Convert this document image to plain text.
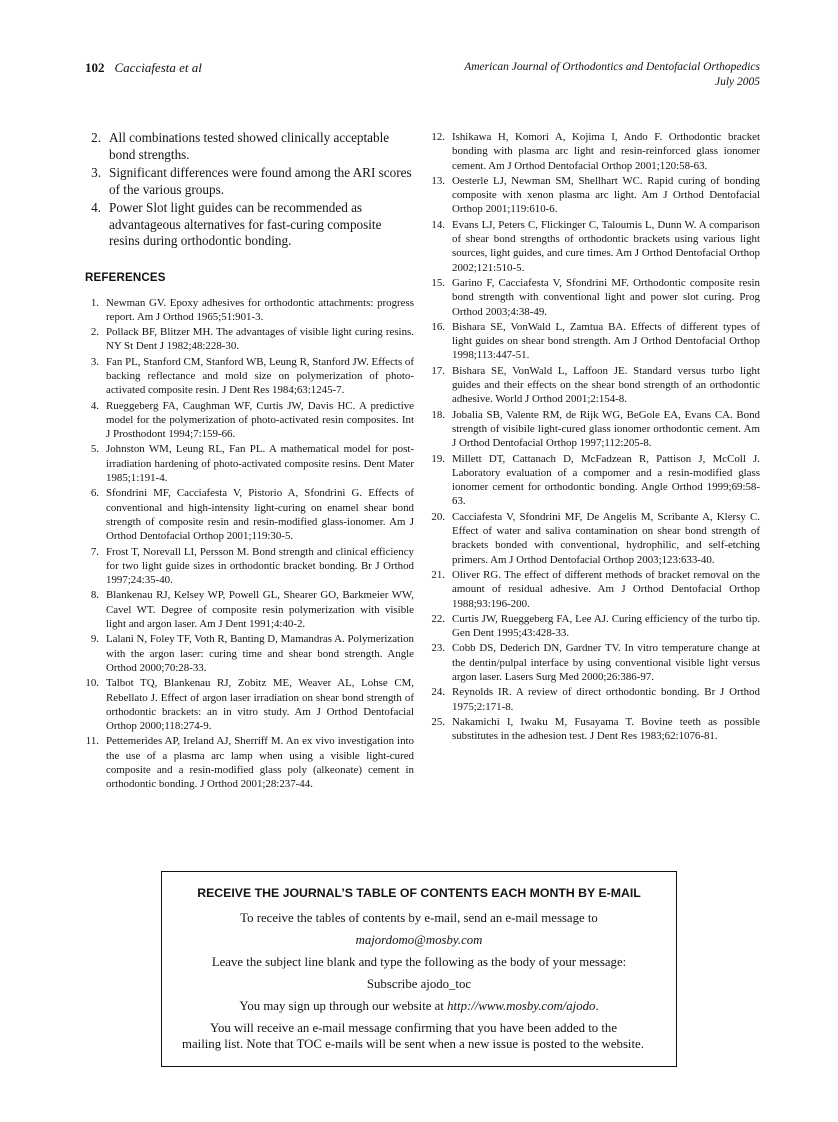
102 Cacciafesta et al	American Journal of Orthodontics and Dentofacial Orthopedics
July 2005
2. All combinations tested showed clinically acceptable bond strengths.
3. Significant differences were found among the ARI scores of the various groups.
4. Power Slot light guides can be recommended as advantageous alternatives for fast-curing composite resins during orthodontic bonding.
REFERENCES
1. Newman GV. Epoxy adhesives for orthodontic attachments: progress report. Am J Orthod 1965;51:901-3.
2. Pollack BF, Blitzer MH. The advantages of visible light curing resins. NY St Dent J 1982;48:228-30.
3. Fan PL, Stanford CM, Stanford WB, Leung R, Stanford JW. Effects of backing reflectance and mold size on polymerization of photo-activated composite resin. J Dent Res 1984;63:1245-7.
4. Rueggeberg FA, Caughman WF, Curtis JW, Davis HC. A predictive model for the polymerization of photo-activated resin composites. Int J Prosthodont 1994;7:159-66.
5. Johnston WM, Leung RL, Fan PL. A mathematical model for post-irradiation hardening of photo-activated composite resins. Dent Mater 1985;1:191-4.
6. Sfondrini MF, Cacciafesta V, Pistorio A, Sfondrini G. Effects of conventional and high-intensity light-curing on enamel shear bond strength of composite resin and resin-modified glass-ionomer. Am J Orthod Dentofacial Orthop 2001;119:30-5.
7. Frost T, Norevall LI, Persson M. Bond strength and clinical efficiency for two light guide sizes in orthodontic bracket bonding. Br J Orthod 1997;24:35-40.
8. Blankenau RJ, Kelsey WP, Powell GL, Shearer GO, Barkmeier WW, Cavel WT. Degree of composite resin polymerization with visible light and argon laser. Am J Dent 1991;4:40-2.
9. Lalani N, Foley TF, Voth R, Banting D, Mamandras A. Polymerization with the argon laser: curing time and shear bond strength. Angle Orthod 2000;70:28-33.
10. Talbot TQ, Blankenau RJ, Zobitz ME, Weaver AL, Lohse CM, Rebellato J. Effect of argon laser irradiation on shear bond strength of orthodontic brackets: an in vitro study. Am J Orthod Dentofacial Orthop 2000;118:274-9.
11. Pettemerides AP, Ireland AJ, Sherriff M. An ex vivo investigation into the use of a plasma arc lamp when using a visible light-cured composite and a resin-modified glass poly (alkeonate) cement in orthodontic bonding. J Orthod 2001;28:237-44.
12. Ishikawa H, Komori A, Kojima I, Ando F. Orthodontic bracket bonding with plasma arc light and resin-reinforced glass ionomer cement. Am J Orthod Dentofacial Orthop 2001;120:58-63.
13. Oesterle LJ, Newman SM, Shellhart WC. Rapid curing of bonding composite with xenon plasma arc light. Am J Orthod Dentofacial Orthop 2001;119:610-6.
14. Evans LJ, Peters C, Flickinger C, Taloumis L, Dunn W. A comparison of shear bond strengths of orthodontic brackets using various light sources, light guides, and cure times. Am J Orthod Dentofacial Orthop 2002;121:510-5.
15. Garino F, Cacciafesta V, Sfondrini MF. Orthodontic composite resin bond strength with conventional light and power slot curing. Prog Orthod 2003;4:38-49.
16. Bishara SE, VonWald L, Zamtua BA. Effects of different types of light guides on shear bond strength. Am J Orthod Dentofacial Orthop 1998;113:447-51.
17. Bishara SE, VonWald L, Laffoon JE. Standard versus turbo light guides and their effects on the shear bond strength of an orthodontic adhesive. World J Orthod 2001;2:154-8.
18. Jobalia SB, Valente RM, de Rijk WG, BeGole EA, Evans CA. Bond strength of visibile light-cured glass ionomer orthodontic cement. Am J Orthod Dentofacial Orthop 1997;112:205-8.
19. Millett DT, Cattanach D, McFadzean R, Pattison J, McColl J. Laboratory evaluation of a compomer and a resin-modified glass ionomer cement for orthodontic bonding. Angle Orthod 1999;69:58-63.
20. Cacciafesta V, Sfondrini MF, De Angelis M, Scribante A, Klersy C. Effect of water and saliva contamination on shear bond strength of brackets bonded with conventional, hydrophilic, and self-etching primers. Am J Orthod Dentofacial Orthop 2003;123:633-40.
21. Oliver RG. The effect of different methods of bracket removal on the amount of residual adhesive. Am J Orthod Dentofacial Orthop 1988;93:196-200.
22. Curtis JW, Rueggeberg FA, Lee AJ. Curing efficiency of the turbo tip. Gen Dent 1995;43:428-33.
23. Cobb DS, Dederich DN, Gardner TV. In vitro temperature change at the dentin/pulpal interface by using conventional visible light versus argon laser. Lasers Surg Med 2000;26:386-97.
24. Reynolds IR. A review of direct orthodontic bonding. Br J Orthod 1975;2:171-8.
25. Nakamichi I, Iwaku M, Fusayama T. Bovine teeth as possible substitutes in the adhesion test. J Dent Res 1983;62:1076-81.
RECEIVE THE JOURNAL’S TABLE OF CONTENTS EACH MONTH BY E-MAIL
To receive the tables of contents by e-mail, send an e-mail message to
majordomo@mosby.com
Leave the subject line blank and type the following as the body of your message:
Subscribe ajodo_toc
You may sign up through our website at http://www.mosby.com/ajodo.

You will receive an e-mail message confirming that you have been added to the mailing list. Note that TOC e-mails will be sent when a new issue is posted to the website.
